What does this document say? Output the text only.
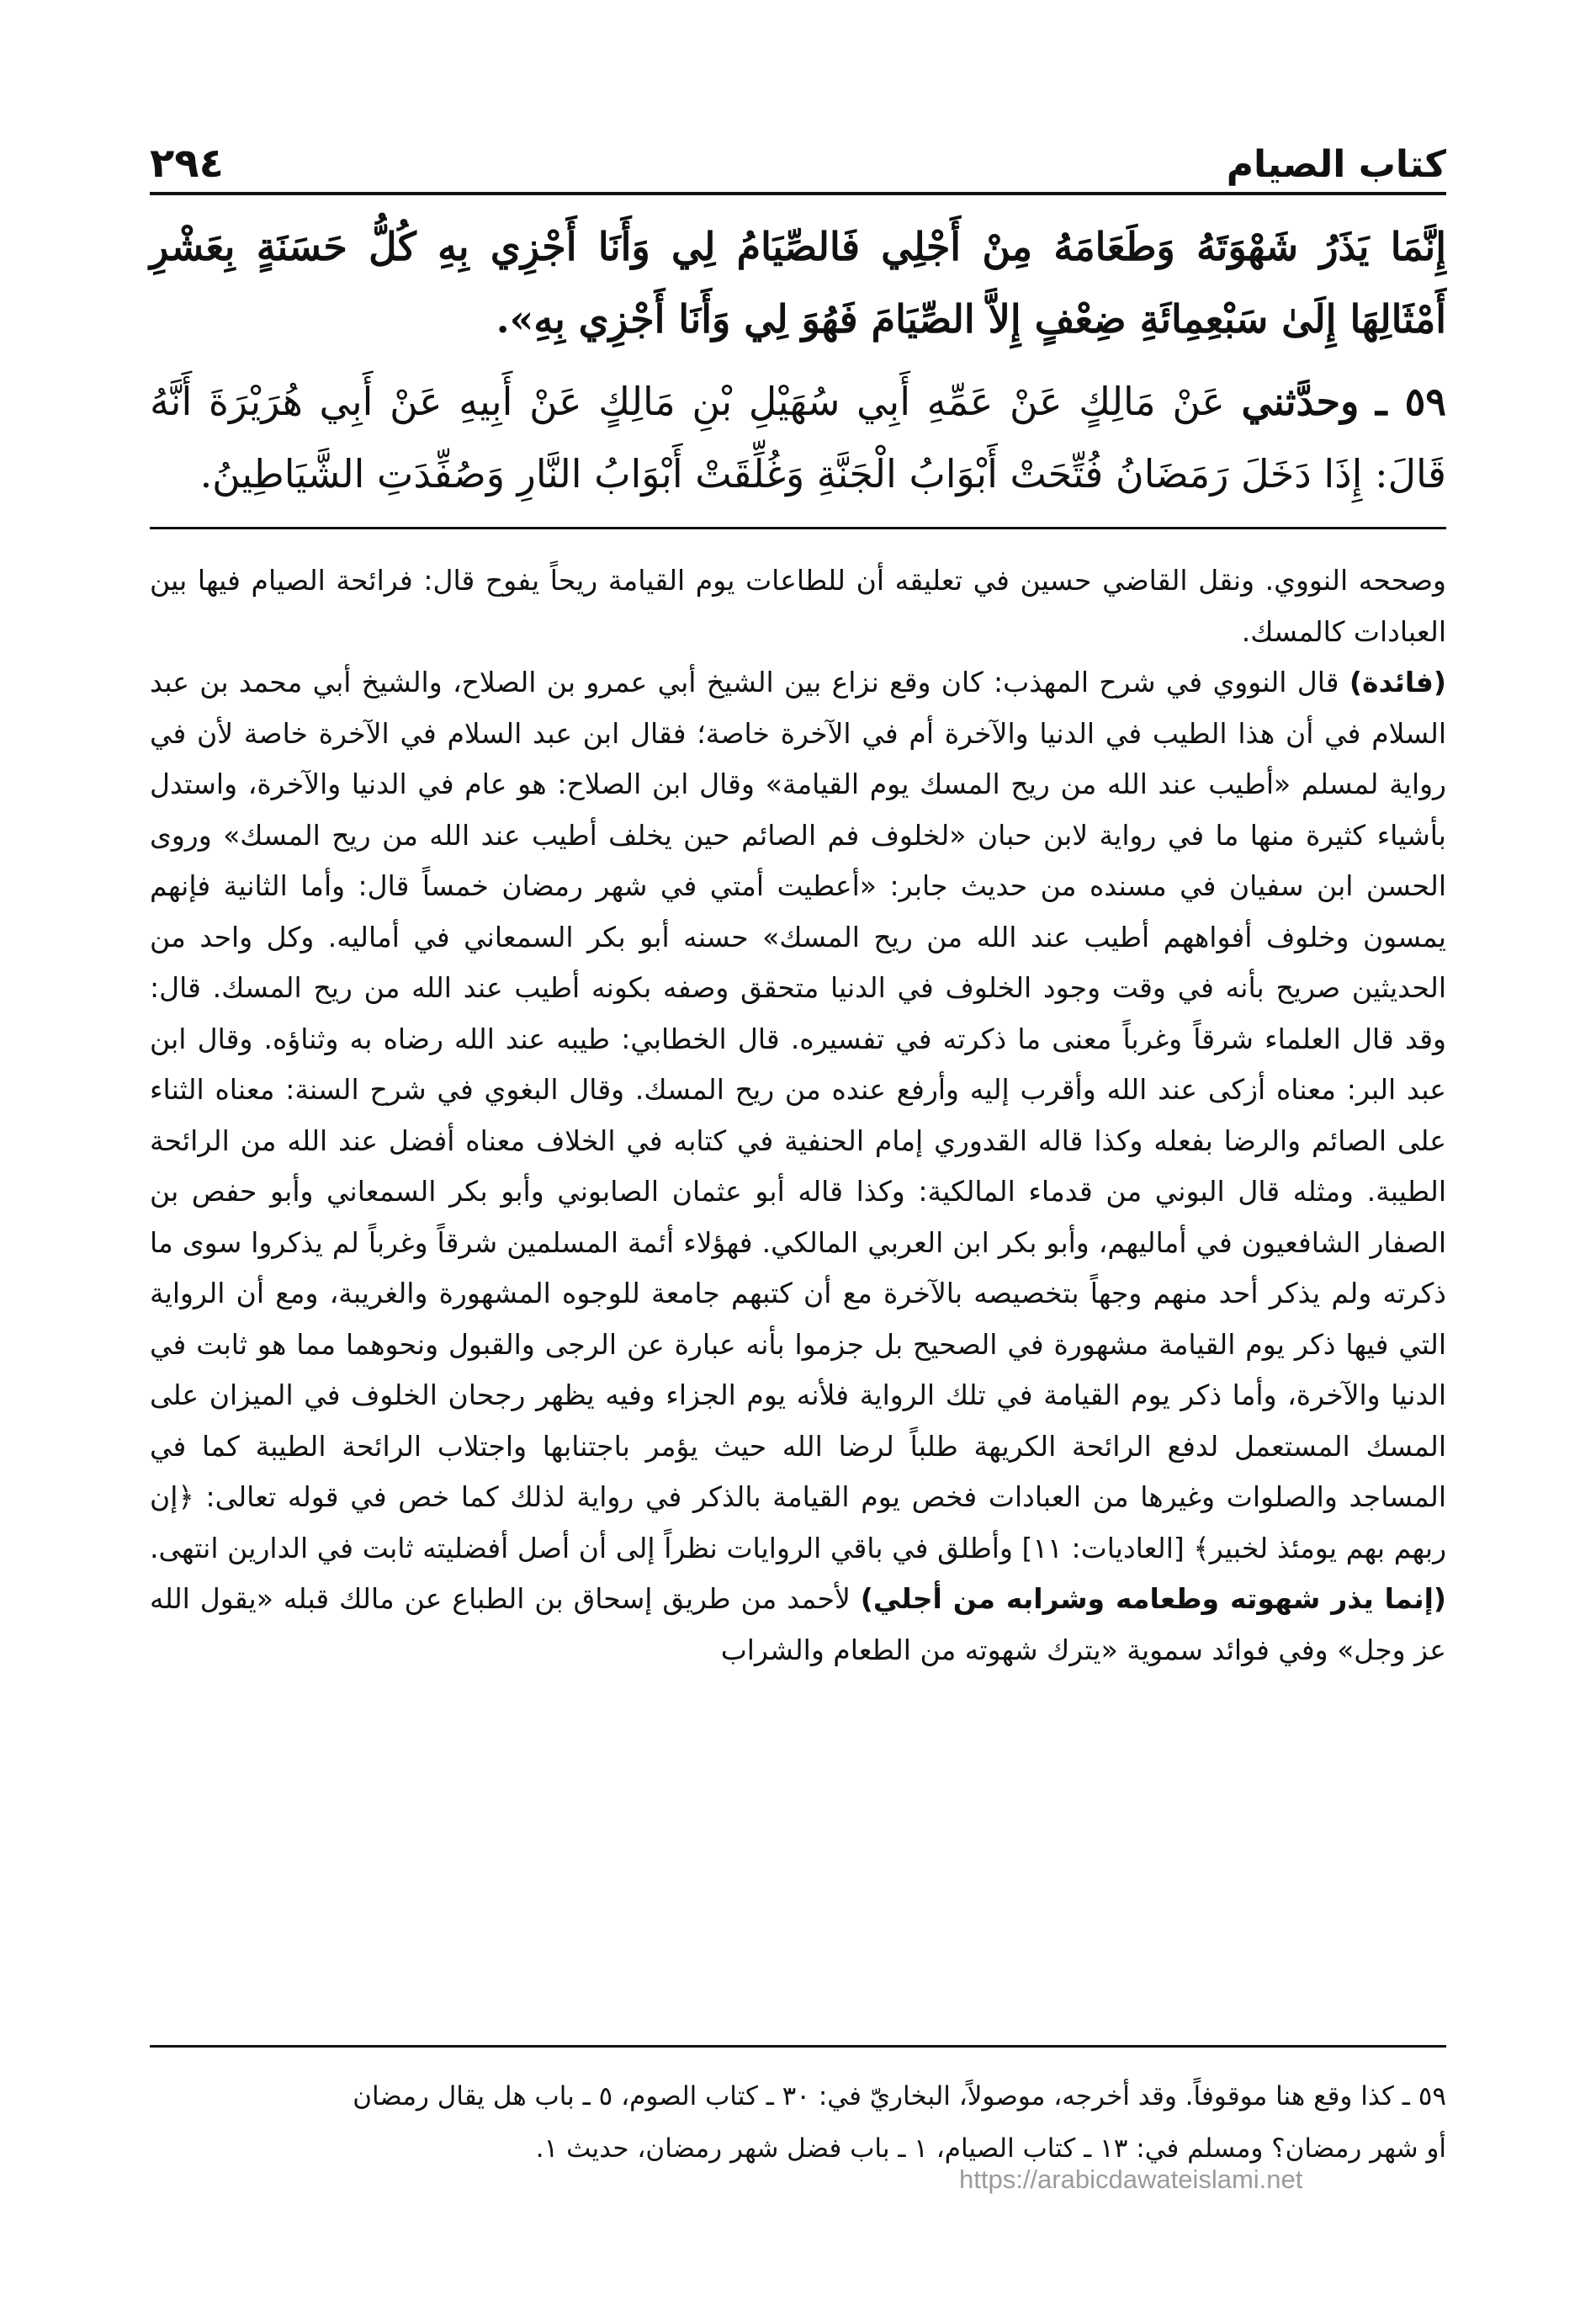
كتاب الصيام
٢٩٤

إِنَّمَا يَذَرُ شَهْوَتَهُ وَطَعَامَهُ مِنْ أَجْلِي فَالصِّيَامُ لِي وَأَنَا أَجْزِي بِهِ كُلُّ حَسَنَةٍ بِعَشْرِ أَمْثَالِهَا إِلَىٰ سَبْعِمِائَةِ ضِعْفٍ إِلاَّ الصِّيَامَ فَهُوَ لِي وَأَنَا أَجْزِي بِهِ».

٥٩ ـ وحدَّثني عَنْ مَالِكٍ عَنْ عَمِّهِ أَبِي سُهَيْلِ بْنِ مَالِكٍ عَنْ أَبِيهِ عَنْ أَبِي هُرَيْرَةَ أَنَّهُ قَالَ: إِذَا دَخَلَ رَمَضَانُ فُتِّحَتْ أَبْوَابُ الْجَنَّةِ وَغُلِّقَتْ أَبْوَابُ النَّارِ وَصُفِّدَتِ الشَّيَاطِينُ.

وصححه النووي. ونقل القاضي حسين في تعليقه أن للطاعات يوم القيامة ريحاً يفوح قال: فرائحة الصيام فيها بين العبادات كالمسك.

(فائدة) قال النووي في شرح المهذب: كان وقع نزاع بين الشيخ أبي عمرو بن الصلاح، والشيخ أبي محمد بن عبد السلام في أن هذا الطيب في الدنيا والآخرة أم في الآخرة خاصة؛ فقال ابن عبد السلام في الآخرة خاصة لأن في رواية لمسلم «أطيب عند الله من ريح المسك يوم القيامة» وقال ابن الصلاح: هو عام في الدنيا والآخرة، واستدل بأشياء كثيرة منها ما في رواية لابن حبان «لخلوف فم الصائم حين يخلف أطيب عند الله من ريح المسك» وروى الحسن ابن سفيان في مسنده من حديث جابر: «أعطيت أمتي في شهر رمضان خمساً قال: وأما الثانية فإنهم يمسون وخلوف أفواههم أطيب عند الله من ريح المسك» حسنه أبو بكر السمعاني في أماليه. وكل واحد من الحديثين صريح بأنه في وقت وجود الخلوف في الدنيا متحقق وصفه بكونه أطيب عند الله من ريح المسك. قال: وقد قال العلماء شرقاً وغرباً معنى ما ذكرته في تفسيره. قال الخطابي: طيبه عند الله رضاه به وثناؤه. وقال ابن عبد البر: معناه أزكى عند الله وأقرب إليه وأرفع عنده من ريح المسك. وقال البغوي في شرح السنة: معناه الثناء على الصائم والرضا بفعله وكذا قاله القدوري إمام الحنفية في كتابه في الخلاف معناه أفضل عند الله من الرائحة الطيبة. ومثله قال البوني من قدماء المالكية: وكذا قاله أبو عثمان الصابوني وأبو بكر السمعاني وأبو حفص بن الصفار الشافعيون في أماليهم، وأبو بكر ابن العربي المالكي. فهؤلاء أئمة المسلمين شرقاً وغرباً لم يذكروا سوى ما ذكرته ولم يذكر أحد منهم وجهاً بتخصيصه بالآخرة مع أن كتبهم جامعة للوجوه المشهورة والغريبة، ومع أن الرواية التي فيها ذكر يوم القيامة مشهورة في الصحيح بل جزموا بأنه عبارة عن الرجى والقبول ونحوهما مما هو ثابت في الدنيا والآخرة، وأما ذكر يوم القيامة في تلك الرواية فلأنه يوم الجزاء وفيه يظهر رجحان الخلوف في الميزان على المسك المستعمل لدفع الرائحة الكريهة طلباً لرضا الله حيث يؤمر باجتنابها واجتلاب الرائحة الطيبة كما في المساجد والصلوات وغيرها من العبادات فخص يوم القيامة بالذكر في رواية لذلك كما خص في قوله تعالى: ﴿إن ربهم بهم يومئذ لخبير﴾ [العاديات: ١١] وأطلق في باقي الروايات نظراً إلى أن أصل أفضليته ثابت في الدارين انتهى. (إنما يذر شهوته وطعامه وشرابه من أجلي) لأحمد من طريق إسحاق بن الطباع عن مالك قبله «يقول الله عز وجل» وفي فوائد سموية «يترك شهوته من الطعام والشراب

٥٩ ـ كذا وقع هنا موقوفاً. وقد أخرجه، موصولاً، البخاريّ في: ٣٠ ـ كتاب الصوم، ٥ ـ باب هل يقال رمضان

أو شهر رمضان؟ ومسلم في: ١٣ ـ كتاب الصيام، ١ ـ باب فضل شهر رمضان، حديث ١.

https://arabicdawateislami.net
